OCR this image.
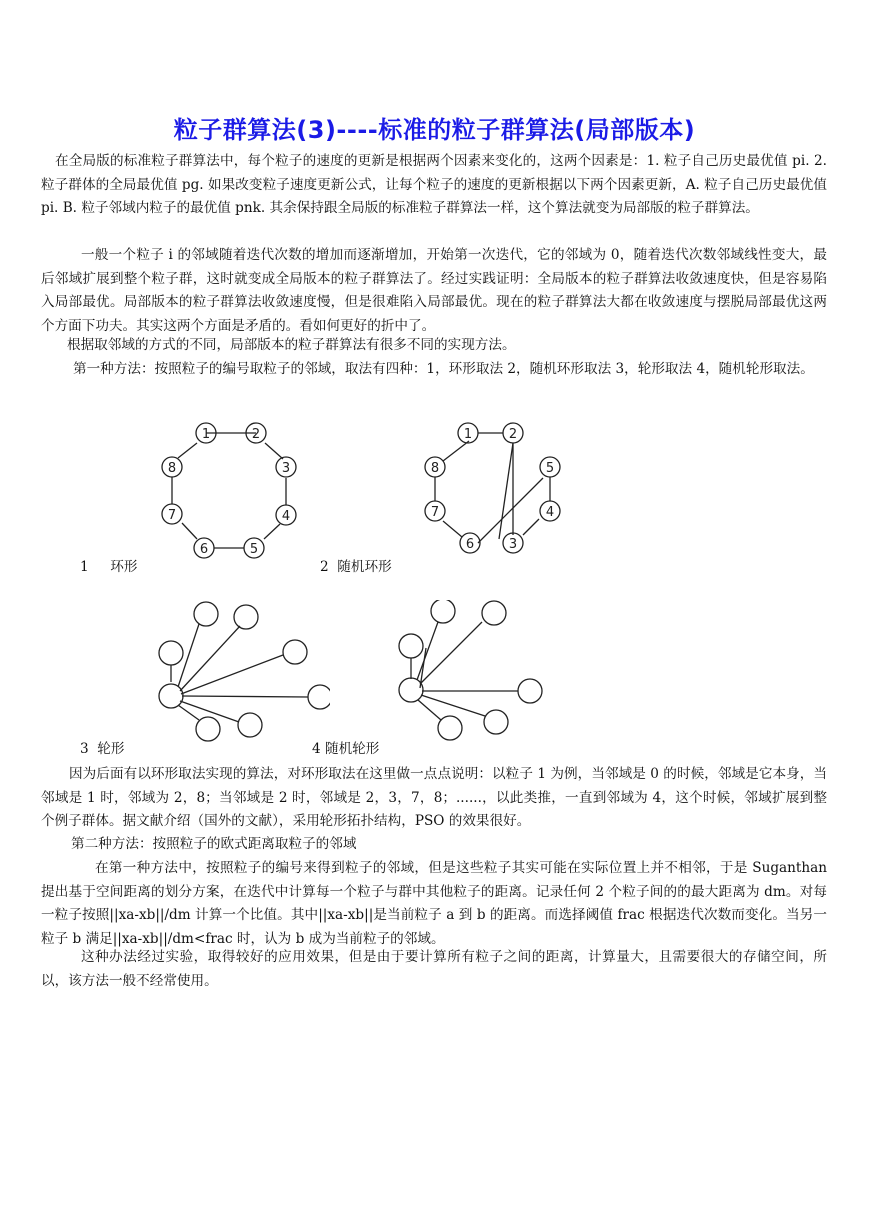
粒子群算法(3)----标准的粒子群算法(局部版本)
在全局版的标准粒子群算法中，每个粒子的速度的更新是根据两个因素来变化的，这两个因素是：1. 粒子自己历史最优值 pi. 2. 粒子群体的全局最优值 pg. 如果改变粒子速度更新公式，让每个粒子的速度的更新根据以下两个因素更新，A. 粒子自己历史最优值 pi. B. 粒子邻域内粒子的最优值 pnk. 其余保持跟全局版的标准粒子群算法一样，这个算法就变为局部版的粒子群算法。
一般一个粒子 i 的邻域随着迭代次数的增加而逐渐增加，开始第一次迭代，它的邻域为 0，随着迭代次数邻域线性变大，最后邻域扩展到整个粒子群，这时就变成全局版本的粒子群算法了。经过实践证明：全局版本的粒子群算法收敛速度快，但是容易陷入局部最优。局部版本的粒子群算法收敛速度慢，但是很难陷入局部最优。现在的粒子群算法大都在收敛速度与摆脱局部最优这两个方面下功夫。其实这两个方面是矛盾的。看如何更好的折中了。
根据取邻域的方式的不同，局部版本的粒子群算法有很多不同的实现方法。
第一种方法：按照粒子的编号取粒子的邻域，取法有四种：1，环形取法 2，随机环形取法 3，轮形取法 4，随机轮形取法。
1	2
3
4
5
6
7
8
1     环形
1	2
5
4
3
6
7
8
2  随机环形
3  轮形	4 随机轮形
因为后面有以环形取法实现的算法，对环形取法在这里做一点点说明：以粒子 1 为例，当邻域是 0 的时候，邻域是它本身，当邻域是 1 时，邻域为 2，8；当邻域是 2 时，邻域是 2，3，7，8；......，以此类推，一直到邻域为 4，这个时候，邻域扩展到整个例子群体。据文献介绍（国外的文献），采用轮形拓扑结构，PSO 的效果很好。
第二种方法：按照粒子的欧式距离取粒子的邻域
在第一种方法中，按照粒子的编号来得到粒子的邻域，但是这些粒子其实可能在实际位置上并不相邻，于是 Suganthan 提出基于空间距离的划分方案，在迭代中计算每一个粒子与群中其他粒子的距离。记录任何 2 个粒子间的的最大距离为 dm。对每一粒子按照||xa-xb||/dm 计算一个比值。其中||xa-xb||是当前粒子 a 到 b 的距离。而选择阈值 frac 根据迭代次数而变化。当另一粒子 b 满足||xa-xb||/dm<frac 时，认为 b 成为当前粒子的邻域。
这种办法经过实验，取得较好的应用效果，但是由于要计算所有粒子之间的距离，计算量大，且需要很大的存储空间，所以，该方法一般不经常使用。
